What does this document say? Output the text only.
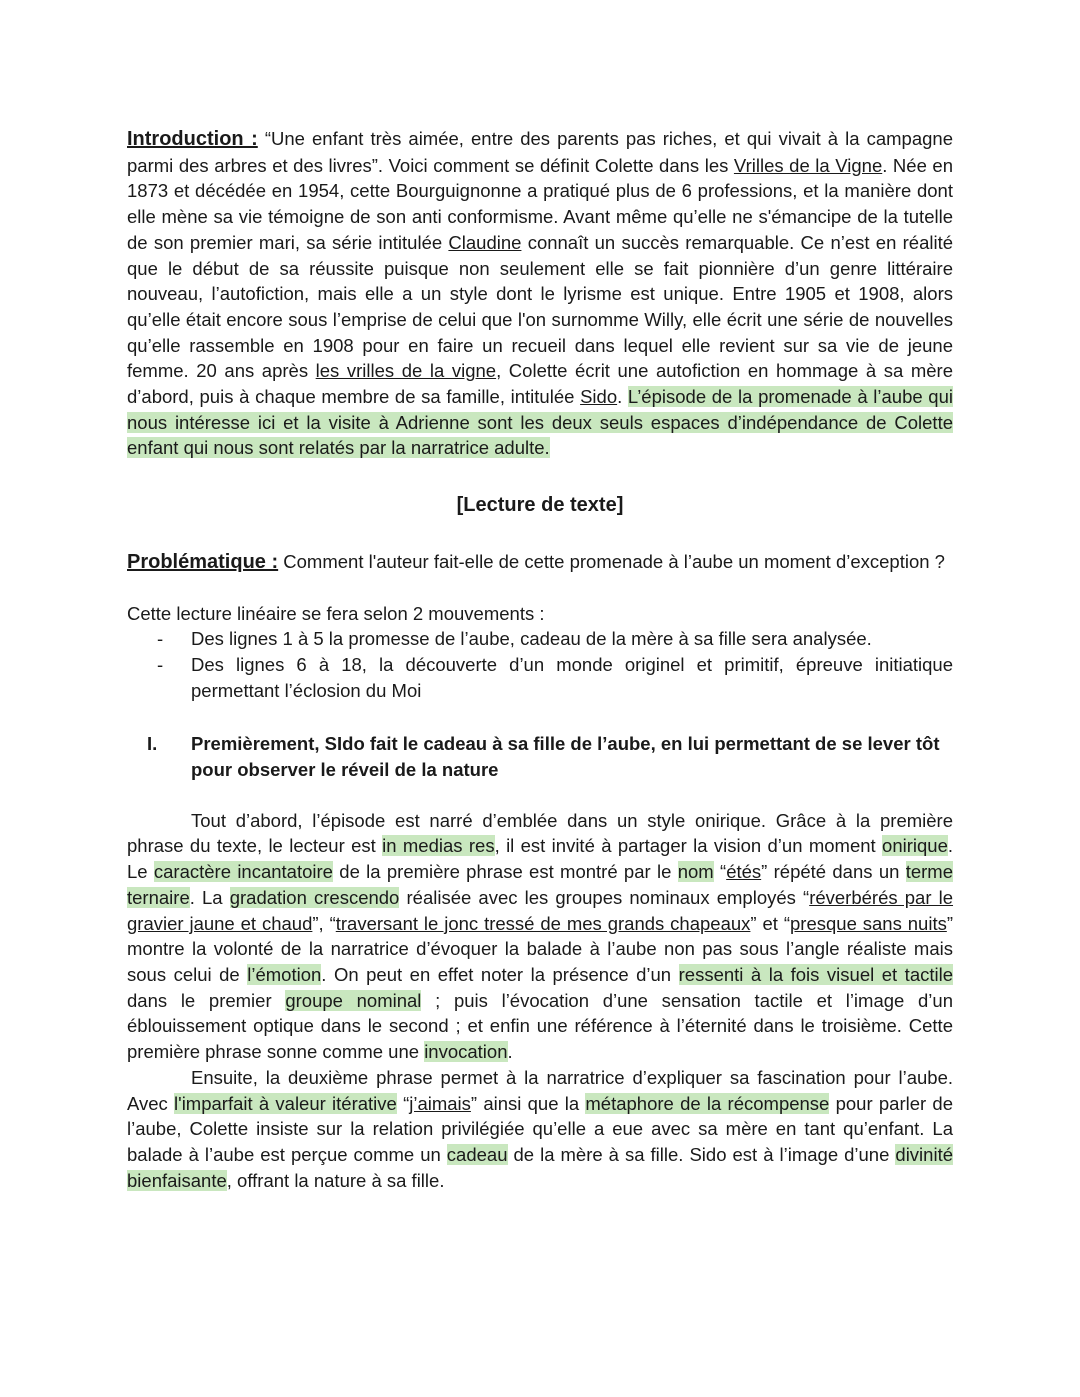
Introduction : “Une enfant très aimée, entre des parents pas riches, et qui vivait à la campagne parmi des arbres et des livres”. Voici comment se définit Colette dans les Vrilles de la Vigne. Née en 1873 et décédée en 1954, cette Bourguignonne a pratiqué plus de 6 professions, et la manière dont elle mène sa vie témoigne de son anti conformisme. Avant même qu’elle ne s'émancipe de la tutelle de son premier mari, sa série intitulée Claudine connaît un succès remarquable. Ce n’est en réalité que le début de sa réussite puisque non seulement elle se fait pionnière d’un genre littéraire nouveau, l’autofiction, mais elle a un style dont le lyrisme est unique. Entre 1905 et 1908, alors qu’elle était encore sous l’emprise de celui que l'on surnomme Willy, elle écrit une série de nouvelles qu’elle rassemble en 1908 pour en faire un recueil dans lequel elle revient sur sa vie de jeune femme. 20 ans après les vrilles de la vigne, Colette écrit une autofiction en hommage à sa mère d’abord, puis à chaque membre de sa famille, intitulée Sido. L’épisode de la promenade à l’aube qui nous intéresse ici et la visite à Adrienne sont les deux seuls espaces d’indépendance de Colette enfant qui nous sont relatés par la narratrice adulte.

[Lecture de texte]

Problématique : Comment l'auteur fait-elle de cette promenade à l’aube un moment d’exception ?

Cette lecture linéaire se fera selon 2 mouvements :

- Des lignes 1 à 5 la promesse de l’aube, cadeau de la mère à sa fille sera analysée.
- Des lignes 6 à 18, la découverte d’un monde originel et primitif, épreuve initiatique permettant l’éclosion du Moi
I. Premièrement, SIdo fait le cadeau à sa fille de l’aube, en lui permettant de se lever tôt pour observer le réveil de la nature

Tout d’abord, l’épisode est narré d’emblée dans un style onirique. Grâce à la première phrase du texte, le lecteur est in medias res, il est invité à partager la vision d’un moment onirique. Le caractère incantatoire de la première phrase est montré par le nom “étés” répété dans un terme ternaire. La gradation crescendo réalisée avec les groupes nominaux employés “réverbérés par le gravier jaune et chaud”, “traversant le jonc tressé de mes grands chapeaux” et “presque sans nuits” montre la volonté de la narratrice d’évoquer la balade à l’aube non pas sous l’angle réaliste mais sous celui de l’émotion. On peut en effet noter la présence d’un ressenti à la fois visuel et tactile dans le premier groupe nominal ; puis l’évocation d’une sensation tactile et l’image d’un éblouissement optique dans le second ; et enfin une référence à l’éternité dans le troisième. Cette première phrase sonne comme une invocation.

Ensuite, la deuxième phrase permet à la narratrice d’expliquer sa fascination pour l’aube. Avec l'imparfait à valeur itérative “j’aimais” ainsi que la métaphore de la récompense pour parler de l’aube, Colette insiste sur la relation privilégiée qu’elle a eue avec sa mère en tant qu’enfant. La balade à l’aube est perçue comme un cadeau de la mère à sa fille. Sido est à l’image d’une divinité bienfaisante, offrant la nature à sa fille.
